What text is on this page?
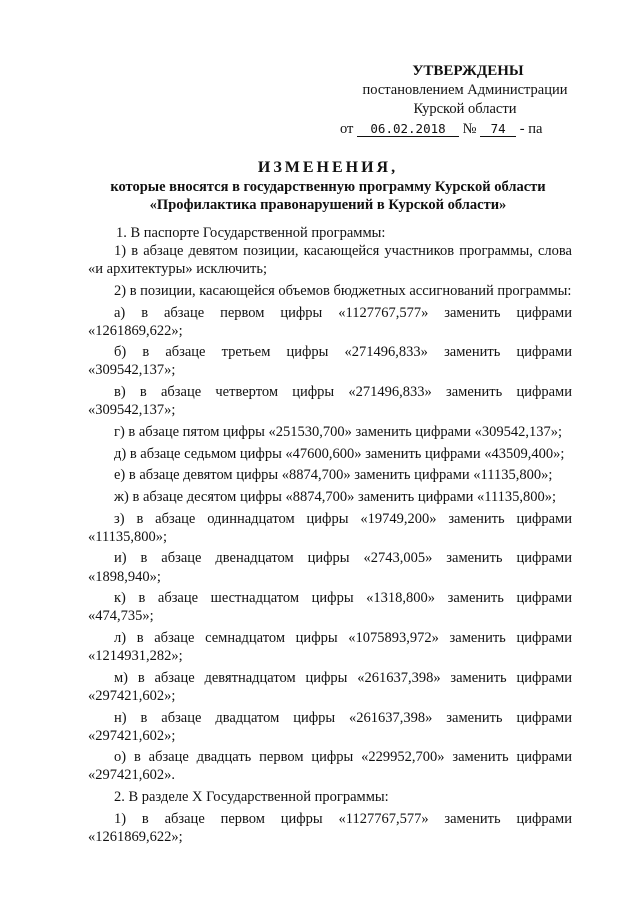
УТВЕРЖДЕНЫ
постановлением Администрации
Курской области
от 06.02.2018 № 74 - па
ИЗМЕНЕНИЯ,
которые вносятся в государственную программу Курской области
«Профилактика правонарушений в Курской области»

1. В паспорте Государственной программы:

1) в абзаце девятом позиции, касающейся участников программы, слова «и архитектуры» исключить;

2) в позиции, касающейся объемов бюджетных ассигнований программы:

а) в абзаце первом цифры «1127767,577» заменить цифрами «1261869,622»;

б) в абзаце третьем цифры «271496,833» заменить цифрами «309542,137»;

в) в абзаце четвертом цифры «271496,833» заменить цифрами «309542,137»;

г) в абзаце пятом цифры «251530,700» заменить цифрами «309542,137»;

д) в абзаце седьмом цифры «47600,600» заменить цифрами «43509,400»;

е) в абзаце девятом цифры «8874,700» заменить цифрами «11135,800»;

ж) в абзаце десятом цифры «8874,700» заменить цифрами «11135,800»;

з) в абзаце одиннадцатом цифры «19749,200» заменить цифрами «11135,800»;

и) в абзаце двенадцатом цифры «2743,005» заменить цифрами «1898,940»;

к) в абзаце шестнадцатом цифры «1318,800» заменить цифрами «474,735»;

л) в абзаце семнадцатом цифры «1075893,972» заменить цифрами «1214931,282»;

м) в абзаце девятнадцатом цифры «261637,398» заменить цифрами «297421,602»;

н) в абзаце двадцатом цифры «261637,398» заменить цифрами «297421,602»;

о) в абзаце двадцать первом цифры «229952,700» заменить цифрами «297421,602».

2. В разделе Х Государственной программы:

1) в абзаце первом цифры «1127767,577» заменить цифрами «1261869,622»;
